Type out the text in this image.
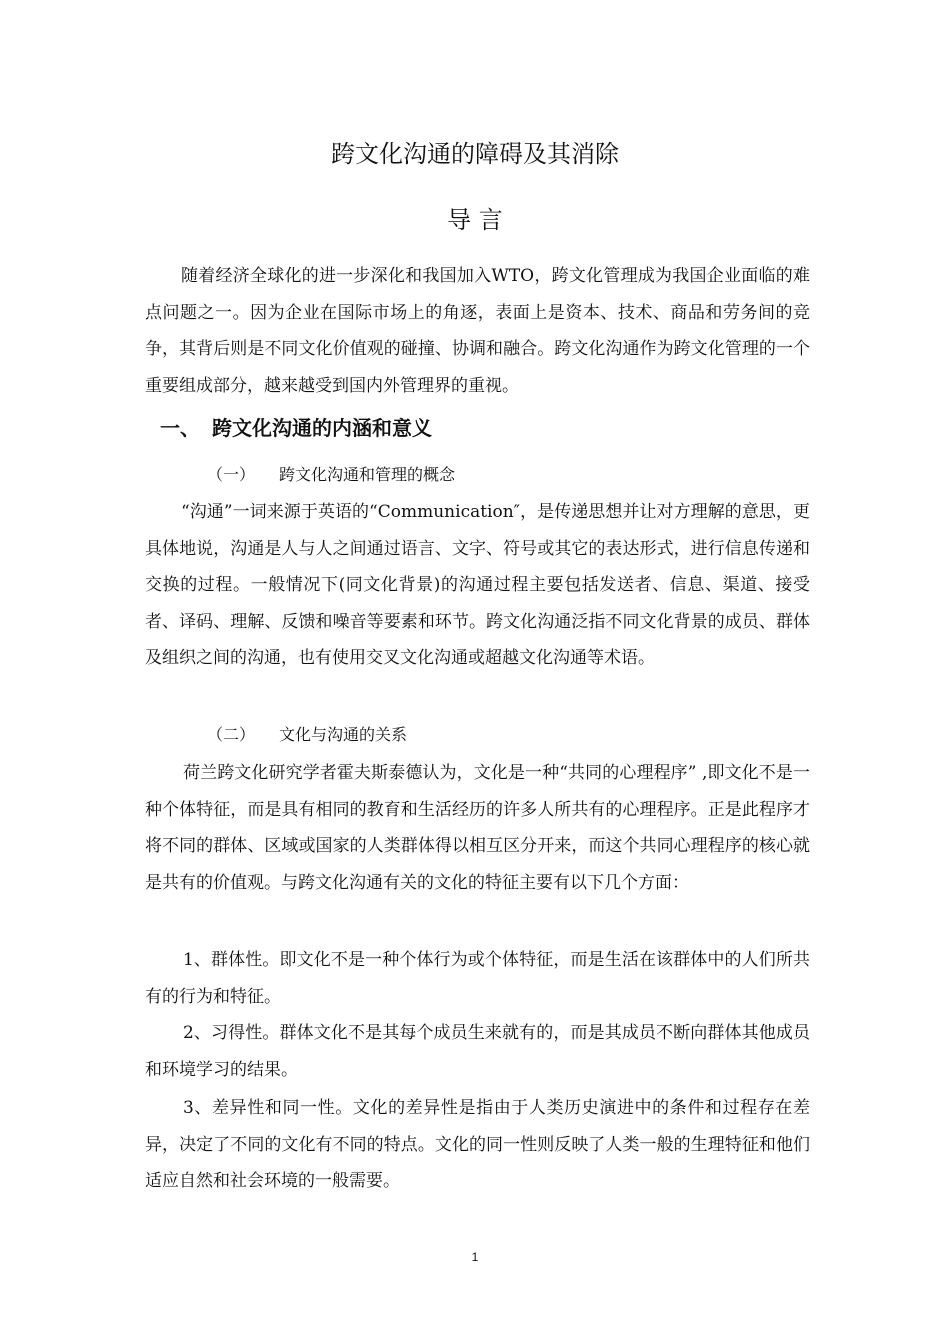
跨文化沟通的障碍及其消除
导 言

随着经济全球化的进一步深化和我国加入WTO，跨文化管理成为我国企业面临的难点问题之一。因为企业在国际市场上的角逐，表面上是资本、技术、商品和劳务间的竞争，其背后则是不同文化价值观的碰撞、协调和融合。跨文化沟通作为跨文化管理的一个重要组成部分，越来越受到国内外管理界的重视。

一、 跨文化沟通的内涵和意义
（一） 跨文化沟通和管理的概念

“沟通”一词来源于英语的“Communication″，是传递思想并让对方理解的意思，更具体地说，沟通是人与人之间通过语言、文字、符号或其它的表达形式，进行信息传递和交换的过程。一般情况下(同文化背景)的沟通过程主要包括发送者、信息、渠道、接受者、译码、理解、反馈和噪音等要素和环节。跨文化沟通泛指不同文化背景的成员、群体及组织之间的沟通，也有使用交叉文化沟通或超越文化沟通等术语。

（二） 文化与沟通的关系

荷兰跨文化研究学者霍夫斯泰德认为，文化是一种“共同的心理程序” ,即文化不是一种个体特征，而是具有相同的教育和生活经历的许多人所共有的心理程序。正是此程序才将不同的群体、区域或国家的人类群体得以相互区分开来，而这个共同心理程序的核心就是共有的价值观。与跨文化沟通有关的文化的特征主要有以下几个方面：

1、群体性。即文化不是一种个体行为或个体特征，而是生活在该群体中的人们所共有的行为和特征。

2、习得性。群体文化不是其每个成员生来就有的，而是其成员不断向群体其他成员和环境学习的结果。

3、差异性和同一性。文化的差异性是指由于人类历史演进中的条件和过程存在差异，决定了不同的文化有不同的特点。文化的同一性则反映了人类一般的生理特征和他们适应自然和社会环境的一般需要。

1
